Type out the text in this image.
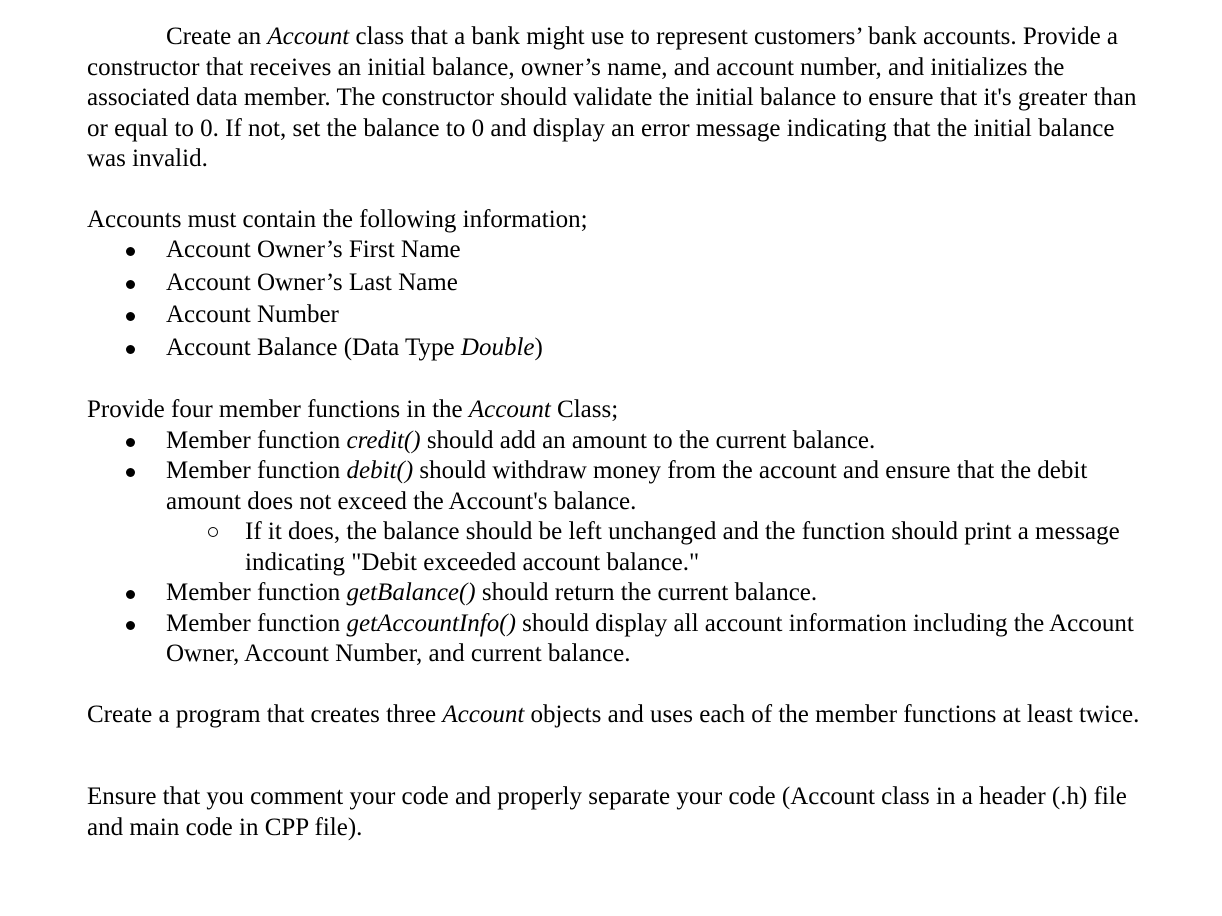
Create an Account class that a bank might use to represent customers’ bank accounts. Provide a constructor that receives an initial balance, owner’s name, and account number, and initializes the associated data member. The constructor should validate the initial balance to ensure that it's greater than or equal to 0. If not, set the balance to 0 and display an error message indicating that the initial balance was invalid.

Accounts must contain the following information;

Account Owner’s First Name
Account Owner’s Last Name
Account Number
Account Balance (Data Type Double)

Provide four member functions in the Account Class;

Member function credit() should add an amount to the current balance.
Member function debit() should withdraw money from the account and ensure that the debit amount does not exceed the Account's balance.
If it does, the balance should be left unchanged and the function should print a message indicating "Debit exceeded account balance."
Member function getBalance() should return the current balance.
Member function getAccountInfo() should display all account information including the Account Owner, Account Number, and current balance.

Create a program that creates three Account objects and uses each of the member functions at least twice.

Ensure that you comment your code and properly separate your code (Account class in a header (.h) file and main code in CPP file).
